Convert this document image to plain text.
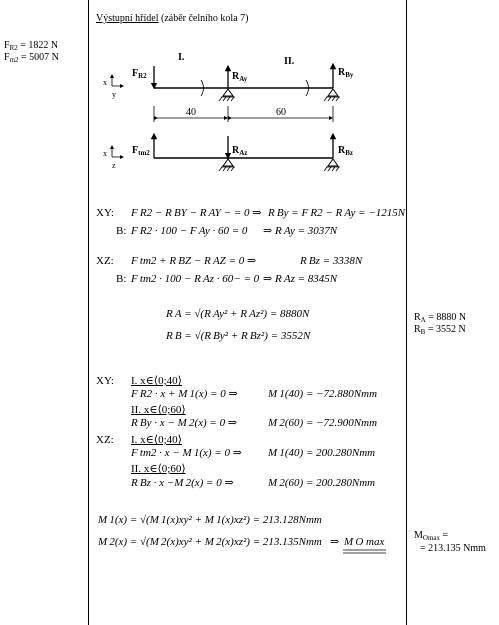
$F_{R2} = 1822$ N
$F_{m2} = 5007$ N
Výstupní hřídel (záběr čelního kola 7)
I.	II.
$F_{R2}$	$R_{Ay}$
$R_{By}$
x
y
40	60
$F_{tm2}$	$R_{Az}$	$R_{Bz}$
x
z
XY: F R2 − R BY − R AY − = 0 ⇒ R By = F R2 − R Ay = −1215N
B: F R2 · 100 − F Ay · 60 = 0 ⇒ R Ay = 3037N
XZ: F tm2 + R BZ − R AZ = 0 ⇒	R Bz = 3338N
B: F tm2 · 100 − R Az · 60− = 0 ⇒ R Az = 8345N
R A = √(R Ay² + R Az²) = 8880N
R B = √(R By² + R Bz²) = 3552N
$R_A = 8880$ N
$R_B = 3552$ N
$M_{Omax}$ =
= 213.135 Nmm
XY: I. x∈⟨0;40⟩
F R2 · x + M 1(x) = 0 ⇒	M 1(40) = −72.880Nmm
II. x∈⟨0;60⟩
R By · x − M 2(x) = 0 ⇒	M 2(60) = −72.900Nmm
XZ: I. x∈⟨0;40⟩
F tm2 · x − M 1(x) = 0 ⇒ M 1(40) = 200.280Nmm
II. x∈⟨0;60⟩
R Bz · x −M 2(x) = 0 ⇒	M 2(60) = 200.280Nmm
M 1(x) = √(M 1(x)xy² + M 1(x)xz²) = 213.128Nmm
M 2(x) = √(M 2(x)xy² + M 2(x)xz²) = 213.135Nmm ⇒ M O max
